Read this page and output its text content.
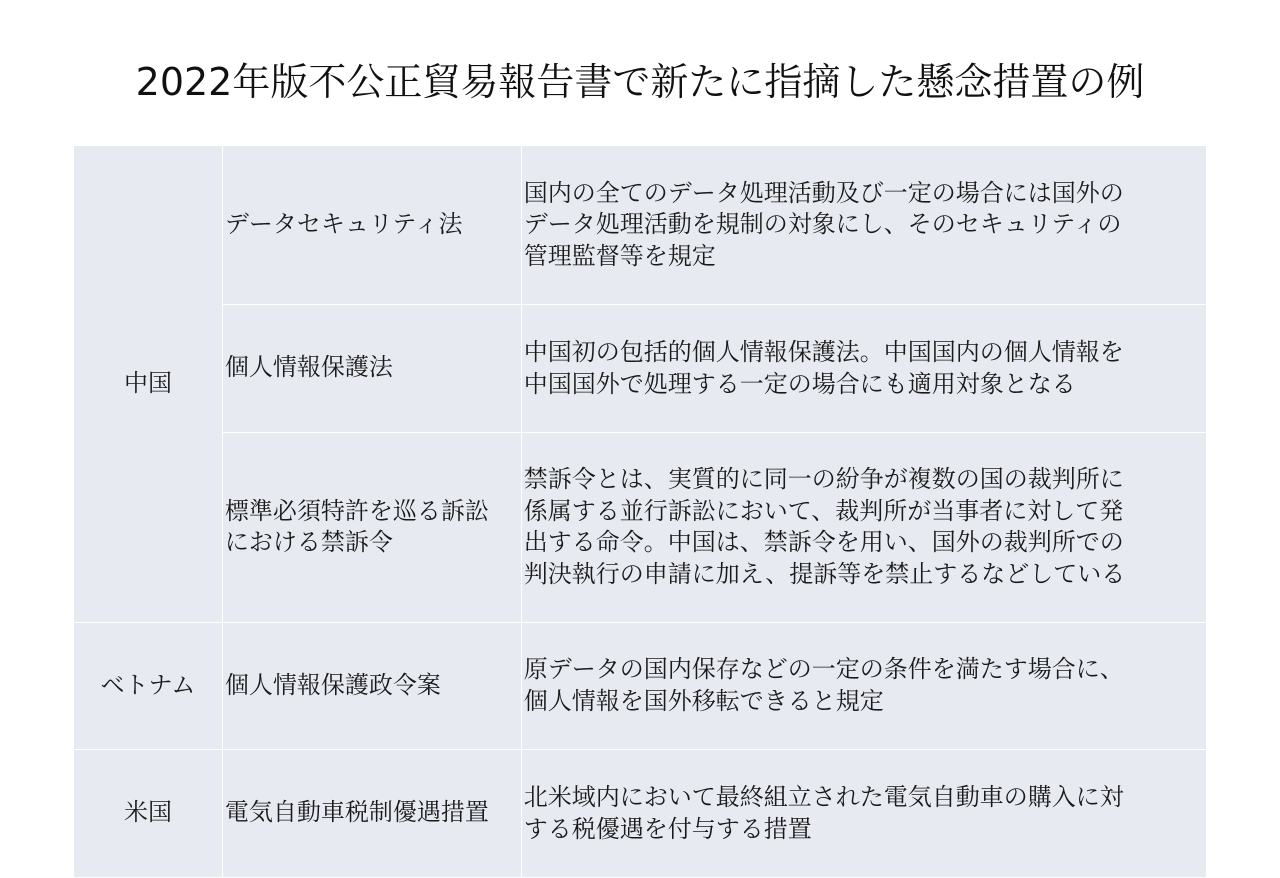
2022年版不公正貿易報告書で新たに指摘した懸念措置の例
中国	データセキュリティ法	国内の全てのデータ処理活動及び一定の場合には国外の
データ処理活動を規制の対象にし、そのセキュリティの
管理監督等を規定

	個人情報保護法	中国初の包括的個人情報保護法。中国国内の個人情報を
中国国外で処理する一定の場合にも適用対象となる

	標準必須特許を巡る訴訟
における禁訴令	禁訴令とは、実質的に同一の紛争が複数の国の裁判所に
係属する並行訴訟において、裁判所が当事者に対して発
出する命令。中国は、禁訴令を用い、国外の裁判所での
判決執行の申請に加え、提訴等を禁止するなどしている

ベトナム	個人情報保護政令案	原データの国内保存などの一定の条件を満たす場合に、
個人情報を国外移転できると規定

米国	電気自動車税制優遇措置	北米域内において最終組立された電気自動車の購入に対
する税優遇を付与する措置
